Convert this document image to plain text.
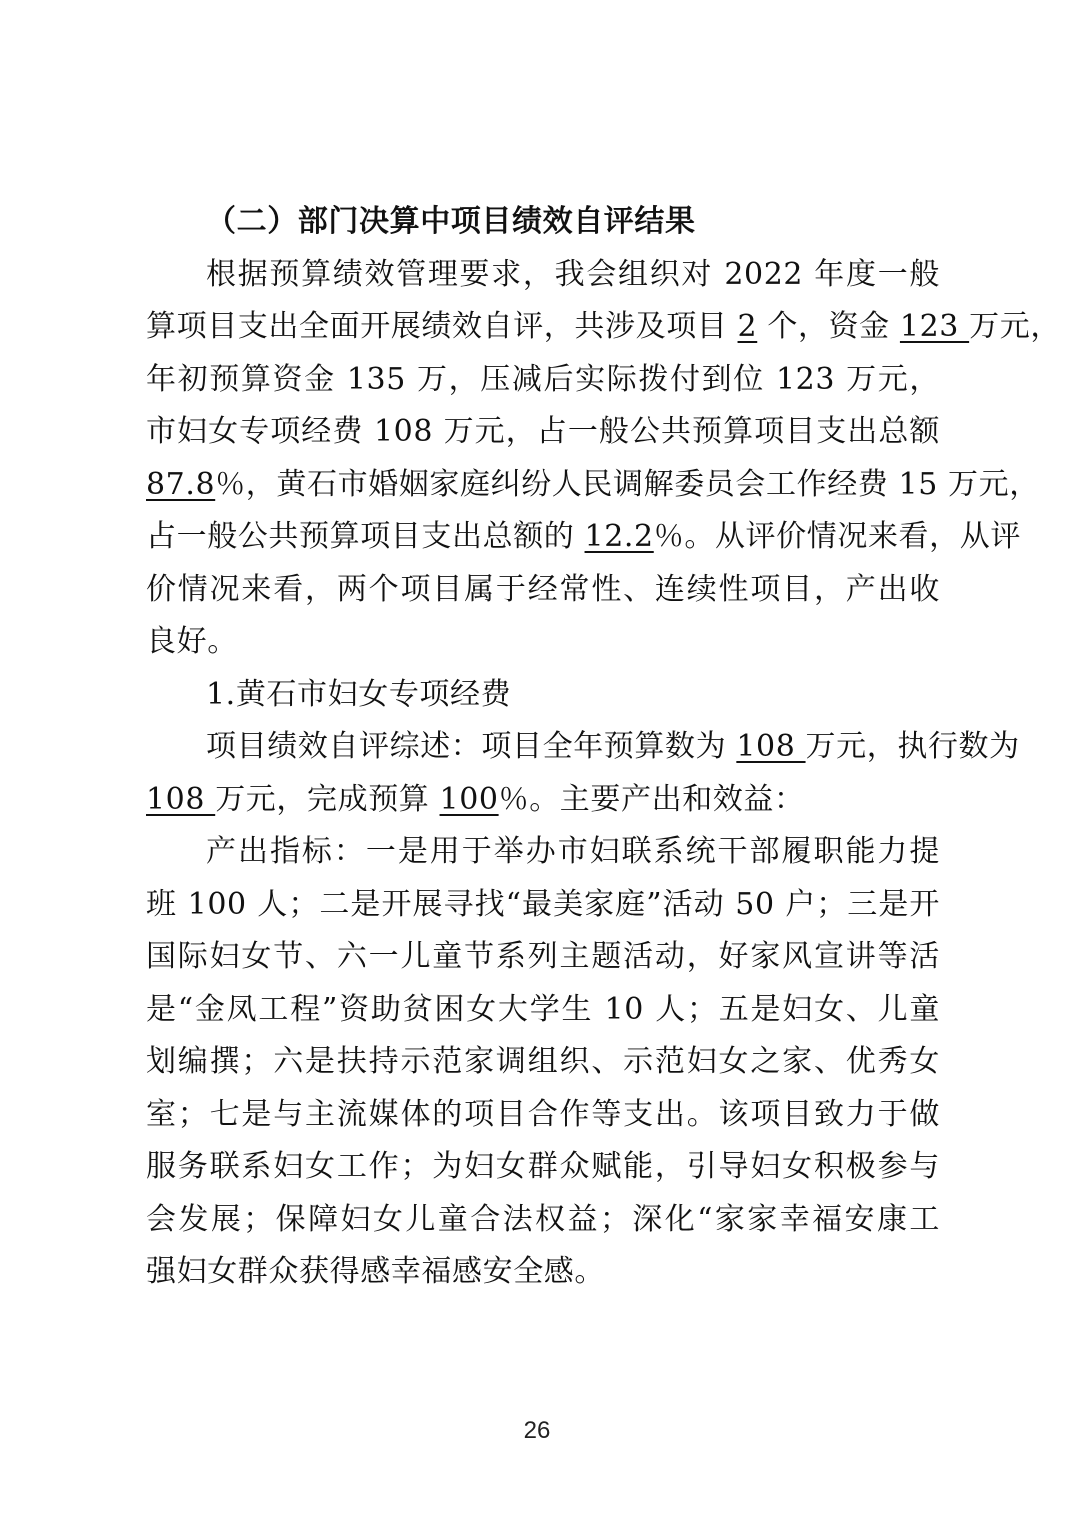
（二）部门决算中项目绩效自评结果
根据预算绩效管理要求，我会组织对 2022 年度一般
算项目支出全面开展绩效自评，共涉及项目 2 个，资金 123 万元，
年初预算资金 135 万，压减后实际拨付到位 123 万元，
市妇女专项经费 108 万元，占一般公共预算项目支出总额
87.8％，黄石市婚姻家庭纠纷人民调解委员会工作经费 15 万元，
占一般公共预算项目支出总额的 12.2％。从评价情况来看，从评
价情况来看，两个项目属于经常性、连续性项目，产出收
良好。
1.黄石市妇女专项经费
项目绩效自评综述：项目全年预算数为 108 万元，执行数为
108 万元，完成预算 100％。主要产出和效益：
产出指标：一是用于举办市妇联系统干部履职能力提
班 100 人；二是开展寻找“最美家庭”活动 50 户；三是开
国际妇女节、六一儿童节系列主题活动，好家风宣讲等活
是“金凤工程”资助贫困女大学生 10 人；五是妇女、儿童
划编撰；六是扶持示范家调组织、示范妇女之家、优秀女
室；七是与主流媒体的项目合作等支出。该项目致力于做
服务联系妇女工作；为妇女群众赋能，引导妇女积极参与
会发展；保障妇女儿童合法权益；深化“家家幸福安康工
强妇女群众获得感幸福感安全感。
26
